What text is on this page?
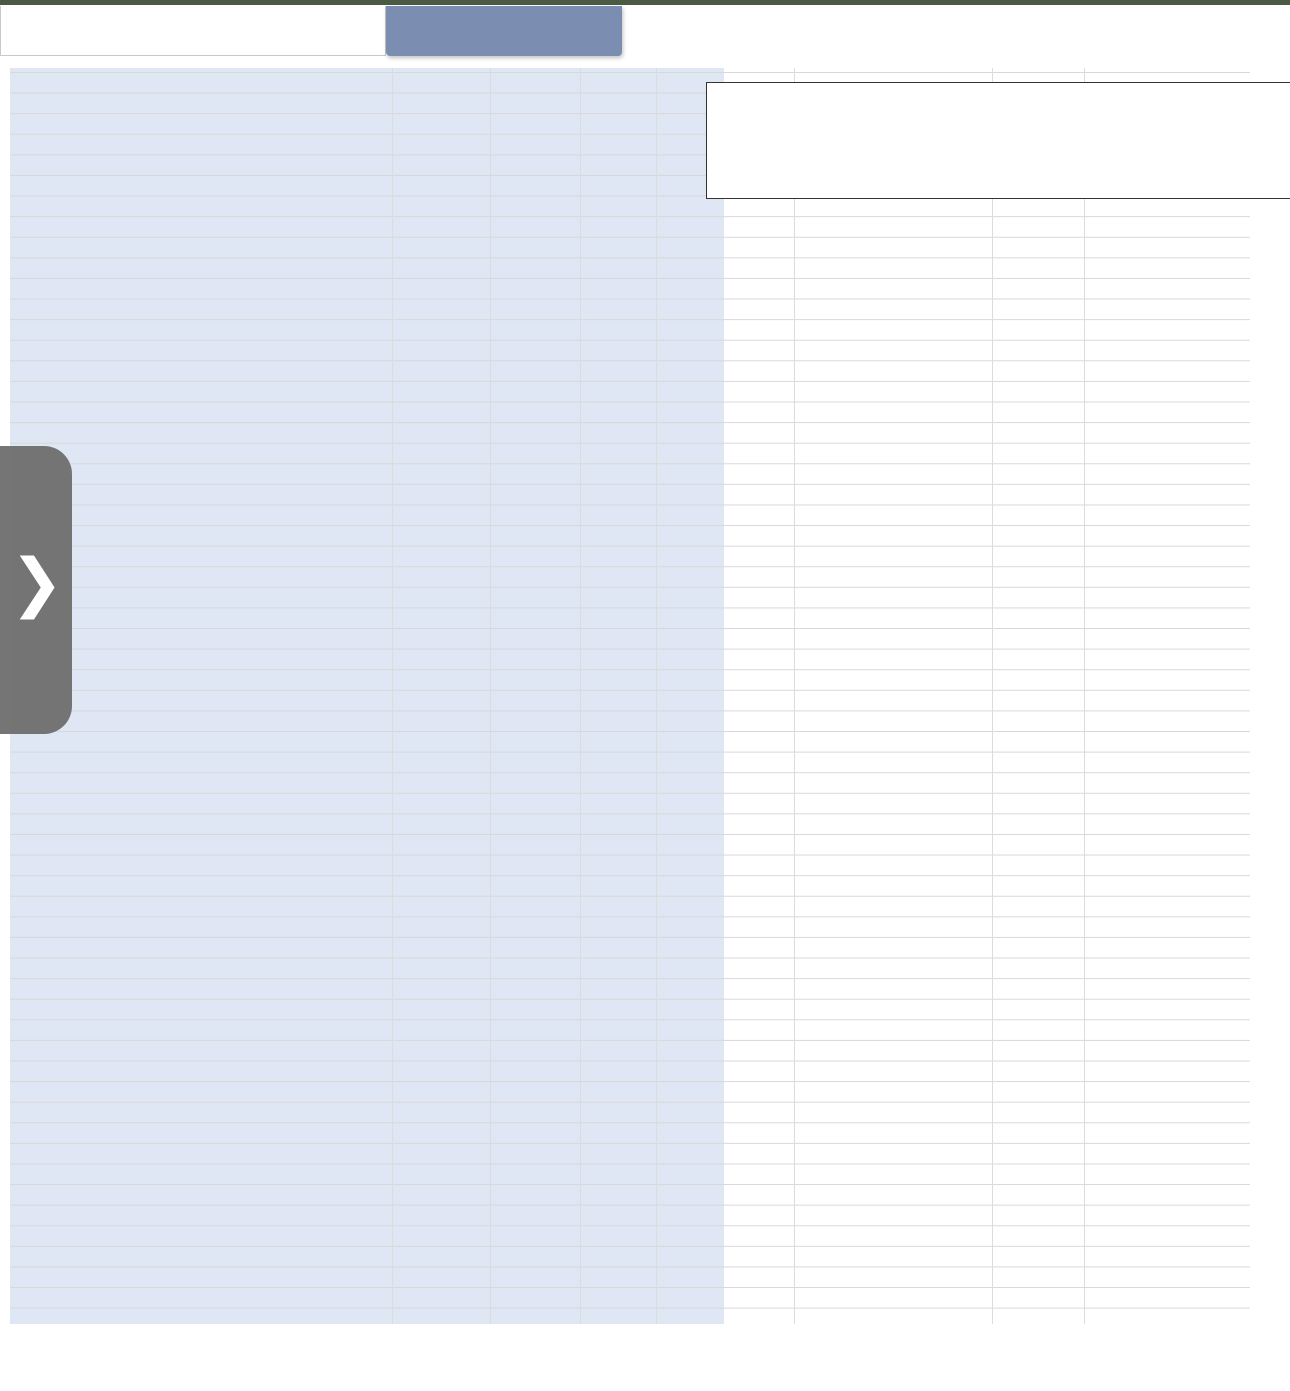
❯
